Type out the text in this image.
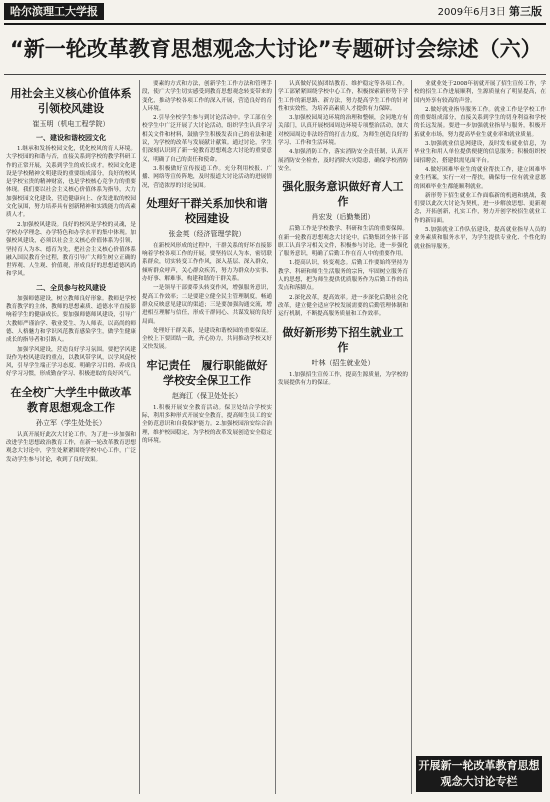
哈尔滨理工大学报	2009年6月3日 第三版
“新一轮改革教育思想观念大讨论”专题研讨会综述（六）
用社会主义核心价值体系引领校风建设
崔玉明（机电工程学院）
一、建设和谐校园文化

1.继承和发扬校园文化，优化校风的育人环境。大学校园的和谐与否，直接关系到学校的教学科研工作的正常开展，关系到学生的成长成才。校园文化建设是学校精神文明建设的重要组成部分，良好的校风是学校宝贵的精神财富，也是学校核心竞争力的重要体现。我们要以社会主义核心价值体系为指导，大力加强校园文化建设，营造健康向上、奋发进取的校园文化氛围，努力培养具有创新精神和实践能力的高素质人才。

2.加强校风建设。良好的校风是学校的灵魂，是学校办学理念、办学特色和办学水平的集中体现。加强校风建设，必须以社会主义核心价值体系为引领，坚持育人为本、德育为先，把社会主义核心价值体系融入国民教育全过程，教育引导广大师生树立正确的世界观、人生观、价值观，形成良好的思想道德风尚和学风。

二、全员参与校风建设

加强师德建设，树立教师良好形象。教师是学校教育教学的主体，教师的思想素质、道德水平直接影响着学生的健康成长。要加强师德师风建设，引导广大教师严谨治学、敬业爱生、为人师表，以高尚的师德、人格魅力和学识风范教育感染学生，做学生健康成长的指导者和引路人。

加强学风建设，营造良好学习氛围。要把学风建设作为校风建设的重点，以教风带学风，以学风促校风，引导学生端正学习态度、明确学习目的、养成良好学习习惯，形成勤奋学习、积极进取的良好风气。

在全校广大学生中做改革教育思想观念工作
孙立军（学生处处长）

认真开展好此次大讨论工作，为了进一步加强和改进学生思想政治教育工作，在新一轮改革教育思想观念大讨论中，学生处紧紧围绕学校中心工作，广泛发动学生参与讨论，收到了良好效果。

要素的方式和方法，创新学生工作方法和管理手段，使广大学生切实感受到教育思想观念转变带来的变化，推动学校各项工作的深入开展，营造良好的育人环境。

2.引导全校学生参与到讨论活动中。学工部在全校学生中广泛开展了大讨论活动，组织学生认真学习相关文件和材料，鼓励学生积极发表自己的看法和建议，为学校的改革与发展献计献策。通过讨论，学生们深刻认识到了新一轮教育思想观念大讨论的重要意义，明确了自己的责任和使命。

3.积极做好宣传报道工作。充分利用校报、广播、网络等宣传阵地，及时报道大讨论活动的进展情况，营造浓厚的讨论氛围。

处理好干群关系加快和谐校园建设
张金英（经济管理学院）

在新校风形成的过程中，干群关系的好坏直接影响着学校各项工作的开展。要坚持以人为本，密切联系群众，切实转变工作作风，深入基层、深入群众，倾听群众呼声，关心群众疾苦，努力为群众办实事、办好事、解难事，构建和谐的干群关系。

一是领导干部要带头转变作风，增强服务意识，提高工作效率；二是要建立健全民主管理制度，畅通群众反映意见建议的渠道；三是要加强沟通交流，增进相互理解与信任，形成干群同心、共谋发展的良好局面。

处理好干群关系，是建设和谐校园的重要保证。全校上下要团结一致，齐心协力，共同推动学校又好又快发展。

牢记责任　履行职能做好学校安全保卫工作
赵海江（保卫处处长）

1.积极开展安全教育活动。保卫处结合学校实际，利用多种形式开展安全教育，提高师生员工的安全防范意识和自我保护能力。2.加强校园治安综合治理，维护校园稳定，为学校的改革发展创造安全稳定的环境。

认真做好民族团结教育、维护稳定等各项工作。学工部紧紧围绕学校中心工作，积极探索新形势下学生工作的新思路、新方法，努力提高学生工作的针对性和实效性，为培养高素质人才提供有力保障。

3.加强校园周边环境的治理和整顿，会同地方有关部门，认真开展校园周边环境专项整治活动，加大对校园周边非法经营的打击力度，为师生创造良好的学习、工作和生活环境。

4.加强消防工作，落实消防安全责任制，认真开展消防安全检查，及时消除火灾隐患，确保学校消防安全。

强化服务意识做好育人工作
肖宏发（后勤集团）

后勤工作是学校教学、科研和生活的重要保障。在新一轮教育思想观念大讨论中，后勤集团全体干部职工认真学习相关文件，积极参与讨论，进一步强化了服务意识，明确了后勤工作在育人中的重要作用。

1.提高认识，转变观念。后勤工作要始终坚持为教学、科研和师生生活服务的宗旨，牢固树立服务育人的思想，把为师生提供优质服务作为后勤工作的出发点和落脚点。

2.深化改革，提高效率。进一步深化后勤社会化改革，建立健全适应学校发展需要的后勤管理体制和运行机制，不断提高服务质量和工作效率。

做好新形势下招生就业工作
叶林（招生就业处）

1.加强招生宣传工作，提高生源质量，为学校的发展提供有力的保证。

业就业处于2008年初就开展了招生宣传工作，学校的招生工作进展顺利，生源质量有了明显提高，在国内外享有较高的声誉。

2.做好就业指导服务工作。就业工作是学校工作的重要组成部分，直接关系到学生的切身利益和学校的长远发展。要进一步加强就业指导与服务，积极开拓就业市场，努力提高毕业生就业率和就业质量。

3.加强就业信息网建设，及时发布就业信息，为毕业生和用人单位提供便捷的信息服务；积极组织校园招聘会，搭建供需见面平台。

4.做好困难毕业生的就业帮扶工作，建立困难毕业生档案，实行一对一帮扶，确保每一位有就业意愿的困难毕业生都能顺利就业。

新形势下招生就业工作面临新的机遇和挑战，我们要以此次大讨论为契机，进一步解放思想、更新观念，开拓创新，扎实工作，努力开创学校招生就业工作的新局面。

5.加强就业工作队伍建设，提高就业指导人员的业务素质和服务水平，为学生提供专业化、个性化的就业指导服务。

开展新一轮改革教育思想观念大讨论专栏
